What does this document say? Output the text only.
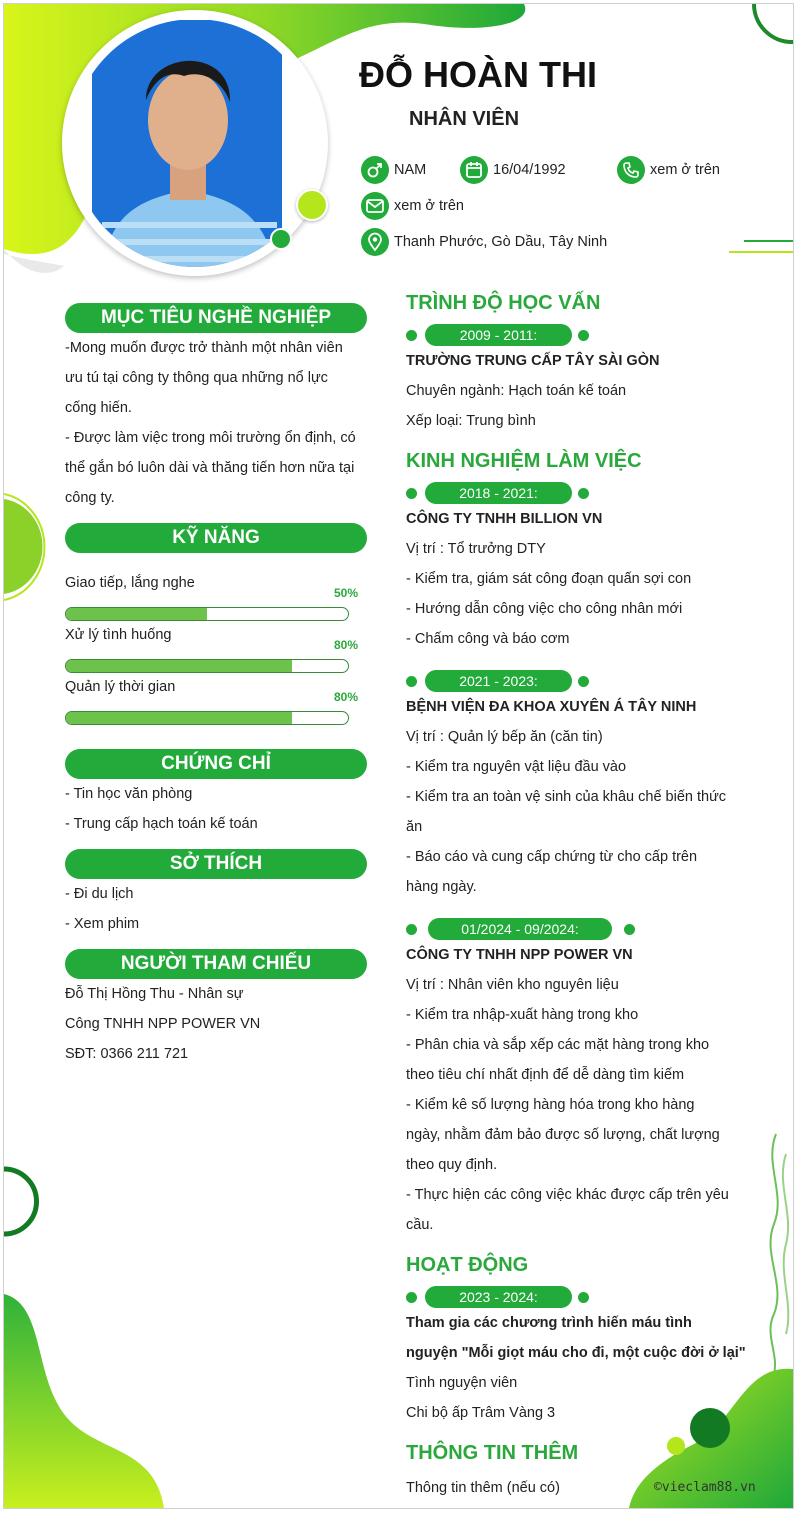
ĐỖ HOÀN THI
NHÂN VIÊN
NAM	16/04/1992	xem ở trên
xem ở trên
Thanh Phước, Gò Dầu, Tây Ninh
MỤC TIÊU NGHỀ NGHIỆP
-Mong muốn được trở thành một nhân viên
ưu tú tại công ty thông qua những nổ lực
cống hiến.
- Được làm việc trong môi trường ổn định, có
thể gắn bó luôn dài và thăng tiến hơn nữa tại
công ty.
KỸ NĂNG
Giao tiếp, lắng nghe
50%
Xử lý tình huống
80%
Quản lý thời gian
80%
CHỨNG CHỈ
- Tin học văn phòng
- Trung cấp hạch toán kế toán
SỞ THÍCH
- Đi du lịch
- Xem phim
NGƯỜI THAM CHIẾU
Đỗ Thị Hồng Thu - Nhân sự
Công TNHH NPP POWER VN
SĐT: 0366 211 721
TRÌNH ĐỘ HỌC VẤN
2009 - 2011:
TRƯỜNG TRUNG CẤP TÂY SÀI GÒN
Chuyên ngành: Hạch toán kế toán
Xếp loại: Trung bình
KINH NGHIỆM LÀM VIỆC
2018 - 2021:
CÔNG TY TNHH BILLION VN
Vị trí : Tổ trưởng DTY
- Kiểm tra, giám sát công đoạn quấn sợi con
- Hướng dẫn công việc cho công nhân mới
- Chấm công và báo cơm
2021 - 2023:
BỆNH VIỆN ĐA KHOA XUYÊN Á TÂY NINH
Vị trí : Quản lý bếp ăn (căn tin)
- Kiểm tra nguyên vật liệu đầu vào
- Kiểm tra an toàn vệ sinh của khâu chế biến thức
ăn
- Báo cáo và cung cấp chứng từ cho cấp trên
hàng ngày.
01/2024 - 09/2024:
CÔNG TY TNHH NPP POWER VN
Vị trí : Nhân viên kho nguyên liệu
- Kiểm tra nhập-xuất hàng trong kho
- Phân chia và sắp xếp các mặt hàng trong kho
theo tiêu chí nhất định để dễ dàng tìm kiếm
- Kiểm kê số lượng hàng hóa trong kho hàng
ngày, nhằm đảm bảo được số lượng, chất lượng
theo quy định.
- Thực hiện các công việc khác được cấp trên yêu
cầu.
HOẠT ĐỘNG
2023 - 2024:
Tham gia các chương trình hiến máu tình
nguyện "Mỗi giọt máu cho đi, một cuộc đời ở lại"
Tình nguyện viên
Chi bộ ấp Trâm Vàng 3
THÔNG TIN THÊM
Thông tin thêm (nếu có)	©vieclam88.vn
